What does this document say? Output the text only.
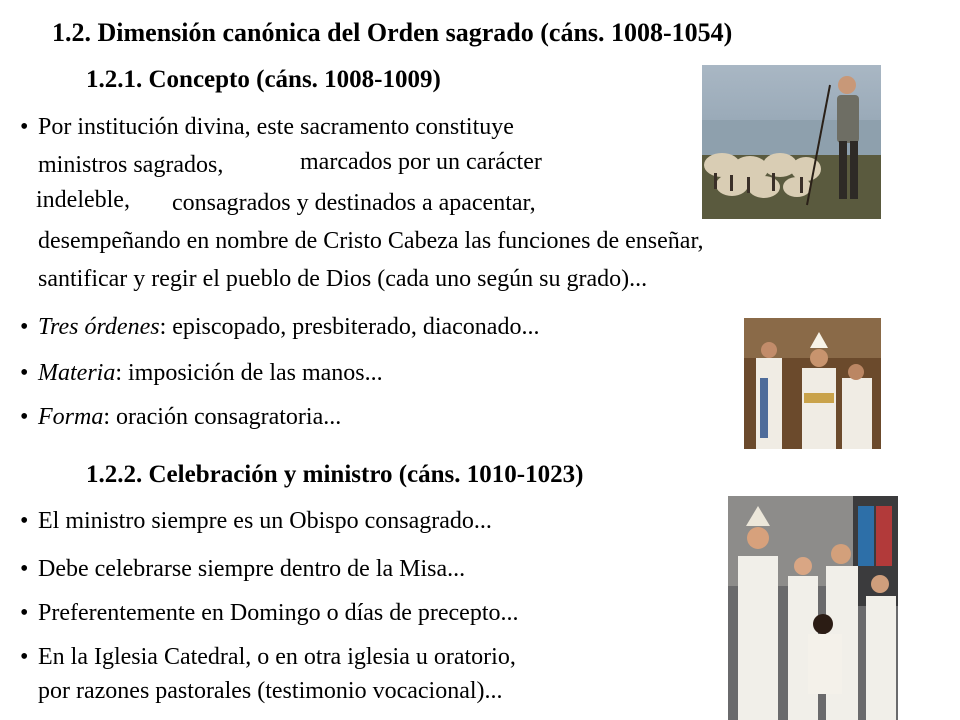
1.2. Dimensión canónica del Orden sagrado (cáns. 1008-1054)
1.2.1. Concepto (cáns. 1008-1009)
• Por institución divina, este sacramento constituye
ministros sagrados,	marcados por un carácter
indeleble, consagrados y destinados a apacentar,
desempeñando en nombre de Cristo Cabeza las funciones de enseñar,
santificar y regir el pueblo de Dios (cada uno según su grado)...
• Tres órdenes: episcopado, presbiterado, diaconado...
• Materia: imposición de las manos...
• Forma: oración consagratoria...
1.2.2. Celebración y ministro (cáns. 1010-1023)
• El ministro siempre es un Obispo consagrado...
• Debe celebrarse siempre dentro de la Misa...
• Preferentemente en Domingo o días de precepto...
• En la Iglesia Catedral, o en otra iglesia u oratorio,
por razones pastorales (testimonio vocacional)...
